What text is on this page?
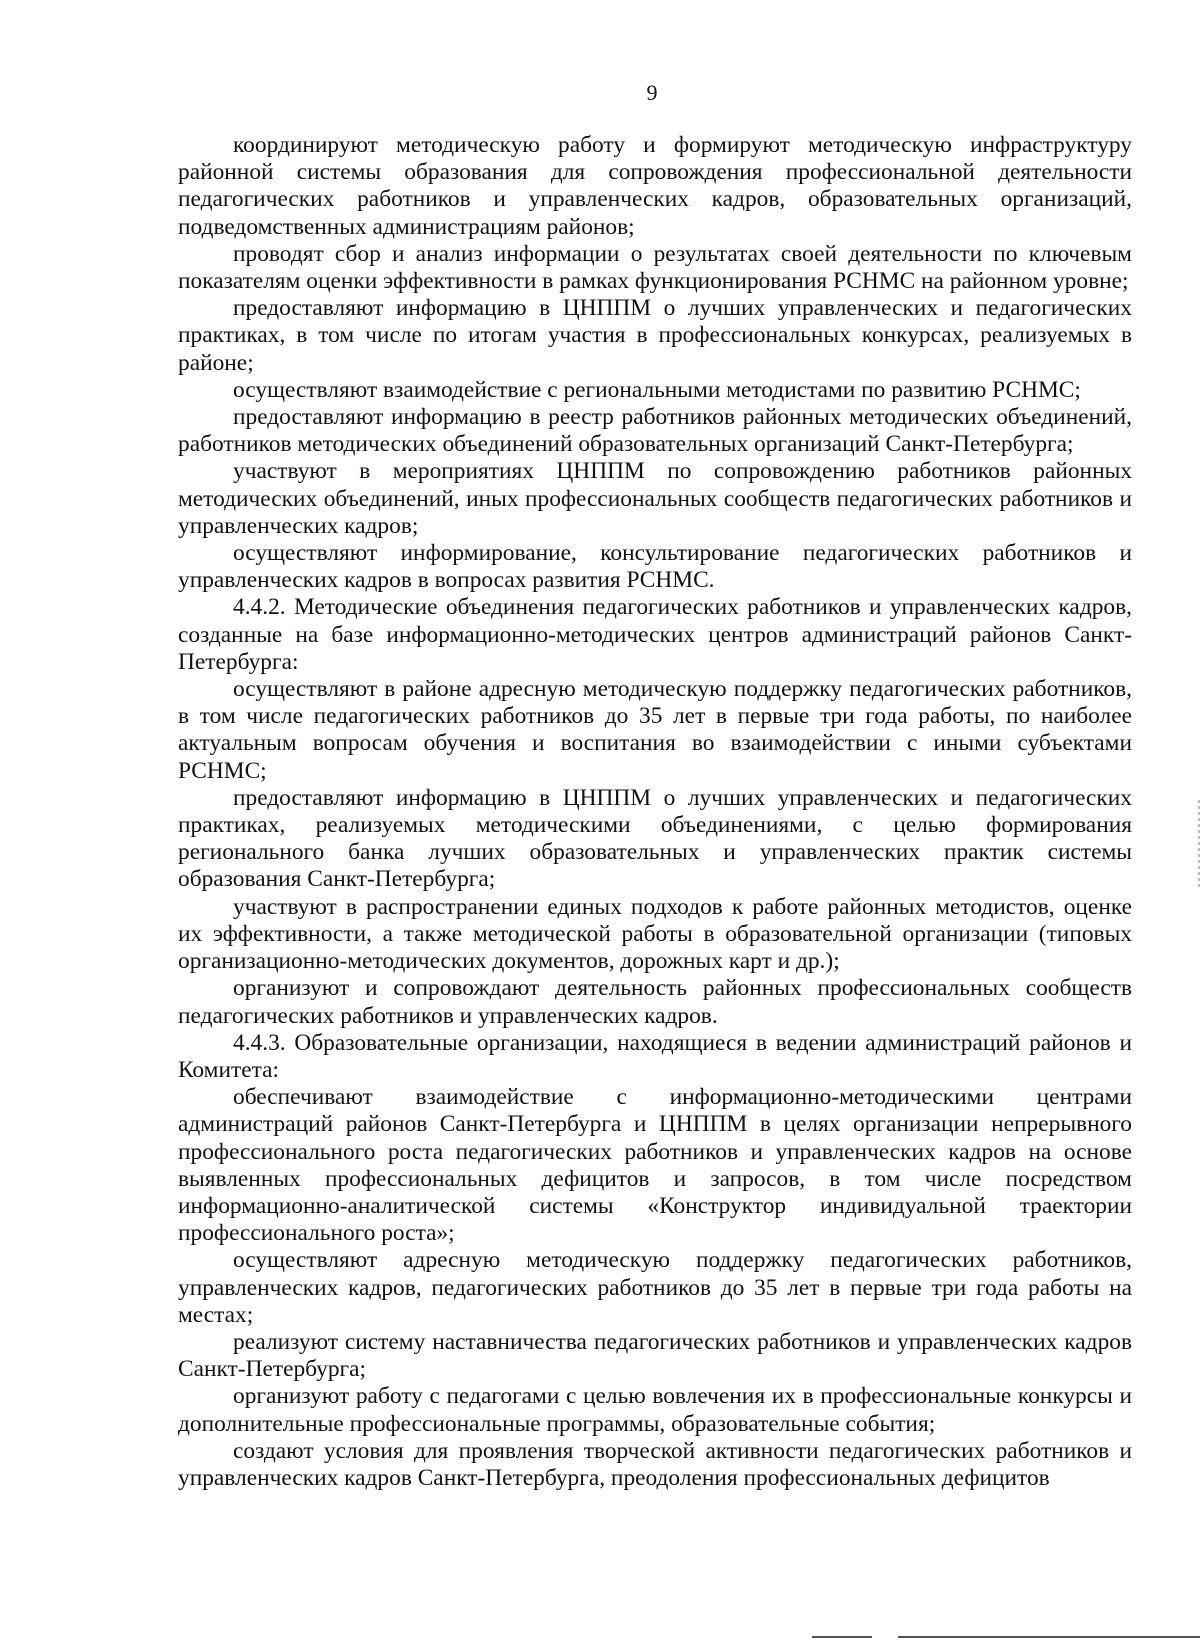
9

координируют методическую работу и формируют методическую инфраструктуру районной системы образования для сопровождения профессиональной деятельности педагогических работников и управленческих кадров, образовательных организаций, подведомственных администрациям районов;

проводят сбор и анализ информации о результатах своей деятельности по ключевым показателям оценки эффективности в рамках функционирования РСНМС на районном уровне;

предоставляют информацию в ЦНППМ о лучших управленческих и педагогических практиках, в том числе по итогам участия в профессиональных конкурсах, реализуемых в районе;

осуществляют взаимодействие с региональными методистами по развитию РСНМС;

предоставляют информацию в реестр работников районных методических объединений, работников методических объединений образовательных организаций Санкт-Петербурга;

участвуют в мероприятиях ЦНППМ по сопровождению работников районных методических объединений, иных профессиональных сообществ педагогических работников и управленческих кадров;

осуществляют информирование, консультирование педагогических работников и управленческих кадров в вопросах развития РСНМС.

4.4.2. Методические объединения педагогических работников и управленческих кадров, созданные на базе информационно-методических центров администраций районов Санкт-Петербурга:

осуществляют в районе адресную методическую поддержку педагогических работников, в том числе педагогических работников до 35 лет в первые три года работы, по наиболее актуальным вопросам обучения и воспитания во взаимодействии с иными субъектами РСНМС;

предоставляют информацию в ЦНППМ о лучших управленческих и педагогических практиках, реализуемых методическими объединениями, с целью формирования регионального банка лучших образовательных и управленческих практик системы образования Санкт-Петербурга;

участвуют в распространении единых подходов к работе районных методистов, оценке их эффективности, а также методической работы в образовательной организации (типовых организационно-методических документов, дорожных карт и др.);

организуют и сопровождают деятельность районных профессиональных сообществ педагогических работников и управленческих кадров.

4.4.3. Образовательные организации, находящиеся в ведении администраций районов и Комитета:

обеспечивают взаимодействие с информационно-методическими центрами администраций районов Санкт-Петербурга и ЦНППМ в целях организации непрерывного профессионального роста педагогических работников и управленческих кадров на основе выявленных профессиональных дефицитов и запросов, в том числе посредством информационно-аналитической системы «Конструктор индивидуальной траектории профессионального роста»;

осуществляют адресную методическую поддержку педагогических работников, управленческих кадров, педагогических работников до 35 лет в первые три года работы на местах;

реализуют систему наставничества педагогических работников и управленческих кадров Санкт-Петербурга;

организуют работу с педагогами с целью вовлечения их в профессиональные конкурсы и дополнительные профессиональные программы, образовательные события;

создают условия для проявления творческой активности педагогических работников и управленческих кадров Санкт-Петербурга, преодоления профессиональных дефицитов
